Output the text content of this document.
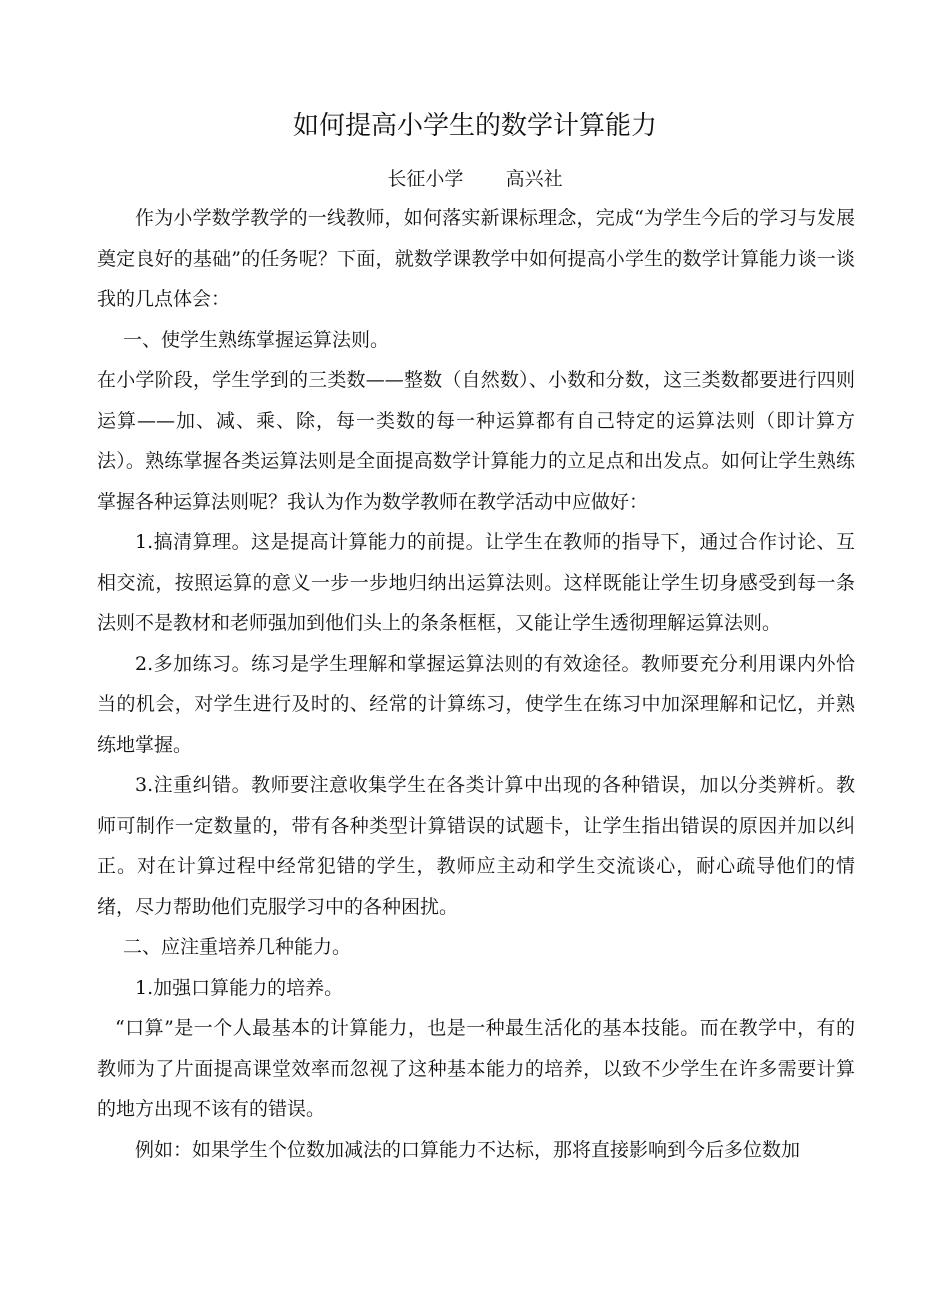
如何提高小学生的数学计算能力
长征小学       高兴社

作为小学数学教学的一线教师，如何落实新课标理念，完成“为学生今后的学习与发展奠定良好的基础”的任务呢？下面，就数学课教学中如何提高小学生的数学计算能力谈一谈我的几点体会：

一、使学生熟练掌握运算法则。

在小学阶段，学生学到的三类数——整数（自然数）、小数和分数，这三类数都要进行四则运算——加、减、乘、除，每一类数的每一种运算都有自己特定的运算法则（即计算方法）。熟练掌握各类运算法则是全面提高数学计算能力的立足点和出发点。如何让学生熟练掌握各种运算法则呢？我认为作为数学教师在教学活动中应做好：

1.搞清算理。这是提高计算能力的前提。让学生在教师的指导下，通过合作讨论、互相交流，按照运算的意义一步一步地归纳出运算法则。这样既能让学生切身感受到每一条法则不是教材和老师强加到他们头上的条条框框，又能让学生透彻理解运算法则。

2.多加练习。练习是学生理解和掌握运算法则的有效途径。教师要充分利用课内外恰当的机会，对学生进行及时的、经常的计算练习，使学生在练习中加深理解和记忆，并熟练地掌握。

3.注重纠错。教师要注意收集学生在各类计算中出现的各种错误，加以分类辨析。教师可制作一定数量的，带有各种类型计算错误的试题卡，让学生指出错误的原因并加以纠正。对在计算过程中经常犯错的学生，教师应主动和学生交流谈心，耐心疏导他们的情绪，尽力帮助他们克服学习中的各种困扰。

二、应注重培养几种能力。

1.加强口算能力的培养。

“口算”是一个人最基本的计算能力，也是一种最生活化的基本技能。而在教学中，有的教师为了片面提高课堂效率而忽视了这种基本能力的培养，以致不少学生在许多需要计算的地方出现不该有的错误。

例如：如果学生个位数加减法的口算能力不达标，那将直接影响到今后多位数加
